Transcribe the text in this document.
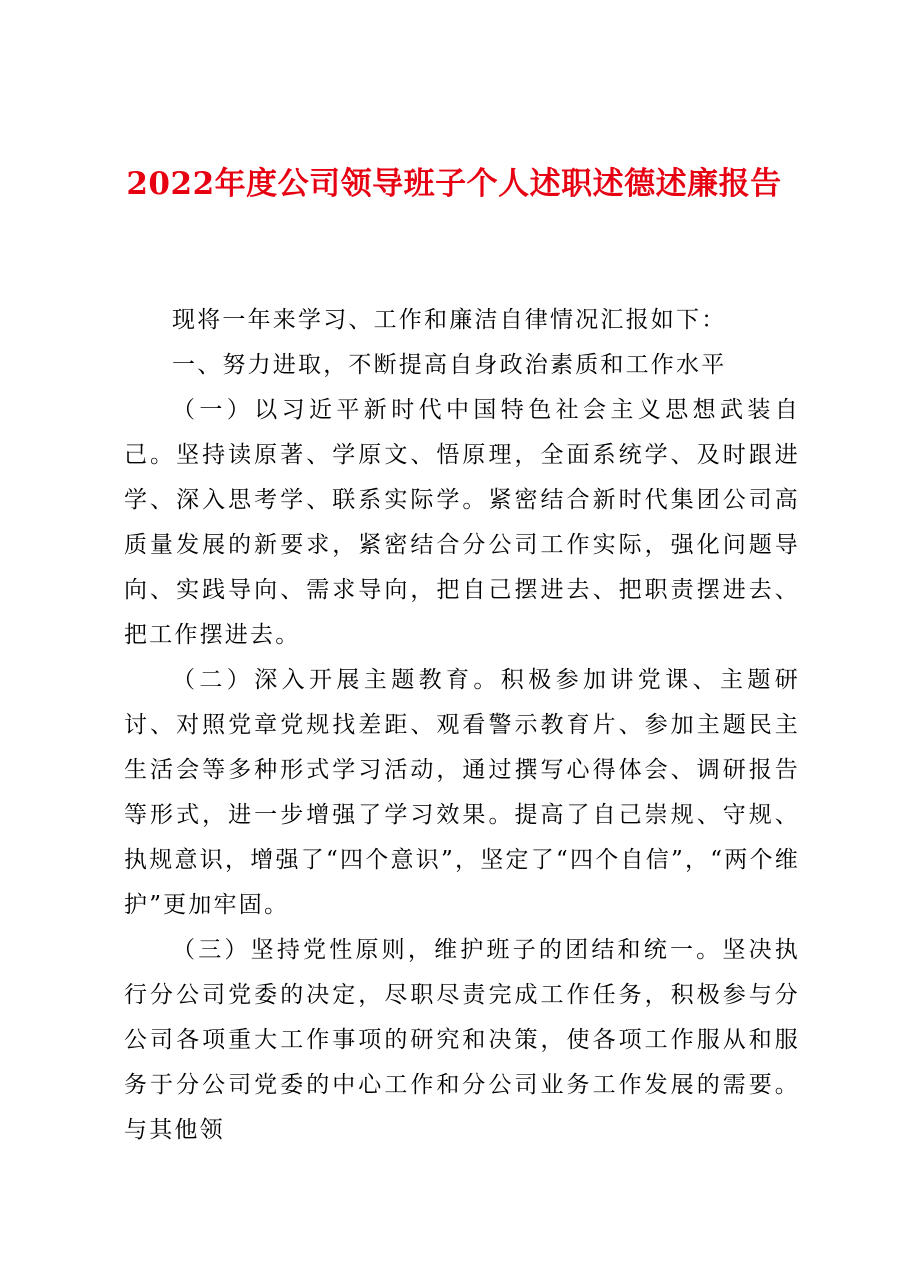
2022年度公司领导班子个人述职述德述廉报告

现将一年来学习、工作和廉洁自律情况汇报如下：

一、努力进取，不断提高自身政治素质和工作水平

（一）以习近平新时代中国特色社会主义思想武装自己。坚持读原著、学原文、悟原理，全面系统学、及时跟进学、深入思考学、联系实际学。紧密结合新时代集团公司高质量发展的新要求，紧密结合分公司工作实际，强化问题导向、实践导向、需求导向，把自己摆进去、把职责摆进去、把工作摆进去。

（二）深入开展主题教育。积极参加讲党课、主题研讨、对照党章党规找差距、观看警示教育片、参加主题民主生活会等多种形式学习活动，通过撰写心得体会、调研报告等形式，进一步增强了学习效果。提高了自己崇规、守规、执规意识，增强了“四个意识”，坚定了“四个自信”，“两个维护”更加牢固。

（三）坚持党性原则，维护班子的团结和统一。坚决执行分公司党委的决定，尽职尽责完成工作任务，积极参与分公司各项重大工作事项的研究和决策，使各项工作服从和服务于分公司党委的中心工作和分公司业务工作发展的需要。与其他领
